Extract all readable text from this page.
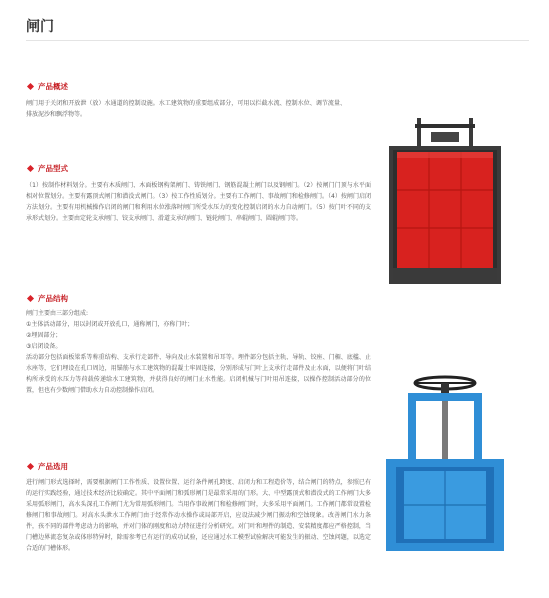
闸门
产品概述

闸门用于关闭和开放泄（放）水通道的控制设施。水工建筑物的重要组成部分，可用以拦截水流、控制水位、调节流量、排放泥沙和飘浮物等。

产品型式

（1）按制作材料划分。主要有木质闸门、木面板钢构架闸门、铸铁闸门、钢筋混凝土闸门以及钢闸门。（2）按闸门门顶与水平面相对位置划分。主要有露顶式闸门和潜没式闸门。（3）按工作性质划分。主要有工作闸门、事故闸门和检修闸门。（4）按闸门启闭方法划分。主要有用机械操作启闭的闸门和利用水位涨落时闸门所受水压力的变化控制启闭的水力自动闸门。（5）按门叶不同的支承形式划分。主要由定轮支承闸门、铰支承闸门、滑道支承的闸门、链轮闸门、串辊闸门、圆辊闸门等。

产品结构

闸门主要由三部分组成:

①主体活动部分，用以封闭或开放孔口，通称闸门，亦称门叶；

②埋固部分；

③启闭设备。

活动部分包括面板梁系等称重结构、支承行走部件、导向及止水装置和吊耳等。埋件部分包括主轨、导轨、铰座、门楣、底槛、止水座等，它们埋设在孔口周边，用锚筋与水工建筑物的混凝土牢固连接，分别形成与门叶上支承行走部件及止水面，以便将门叶结构所承受的水压力等荷载传递给水工建筑物，并获得良好的闸门止水性能。启闭机械与门叶用吊连接，以操作控制活动部分的位置，但也有少数闸门借助水力自动控制操作启闭。

产品选用

进行闸门形式选择时，需要根据闸门工作性质、设置位置、运行条件闸孔跨度、启闭力和工程造价等，结合闸门的特点，参照已有的运行实践经验，通过技术经济比较确定。其中平面闸门和弧形闸门是最常采用的门形。大、中型露顶式和潜没式的工作闸门大多采用弧形闸门，高水头深孔工作闸门尤为常用弧形闸门。当用作事故闸门和检修闸门时，大多采用平面闸门。工作闸门都常设置检修闸门和事故闸门。对高水头泄水工作闸门由于经常作动水操作或局部开启，应设法减少闸门振动和空蚀现象。改善闸门水力条件，孩不同的部件考虑动力的影响，并对门体的刚度和动力特征进行分析研究。对门叶和埋件的制造、安装精度都应严格控制，当门槽边界流态复杂或体形特异时，除需参考已有运行的成功试验，还应通过水工模型试验解决可能发生的振动、空蚀问题，以选定合适的门槽体形。
